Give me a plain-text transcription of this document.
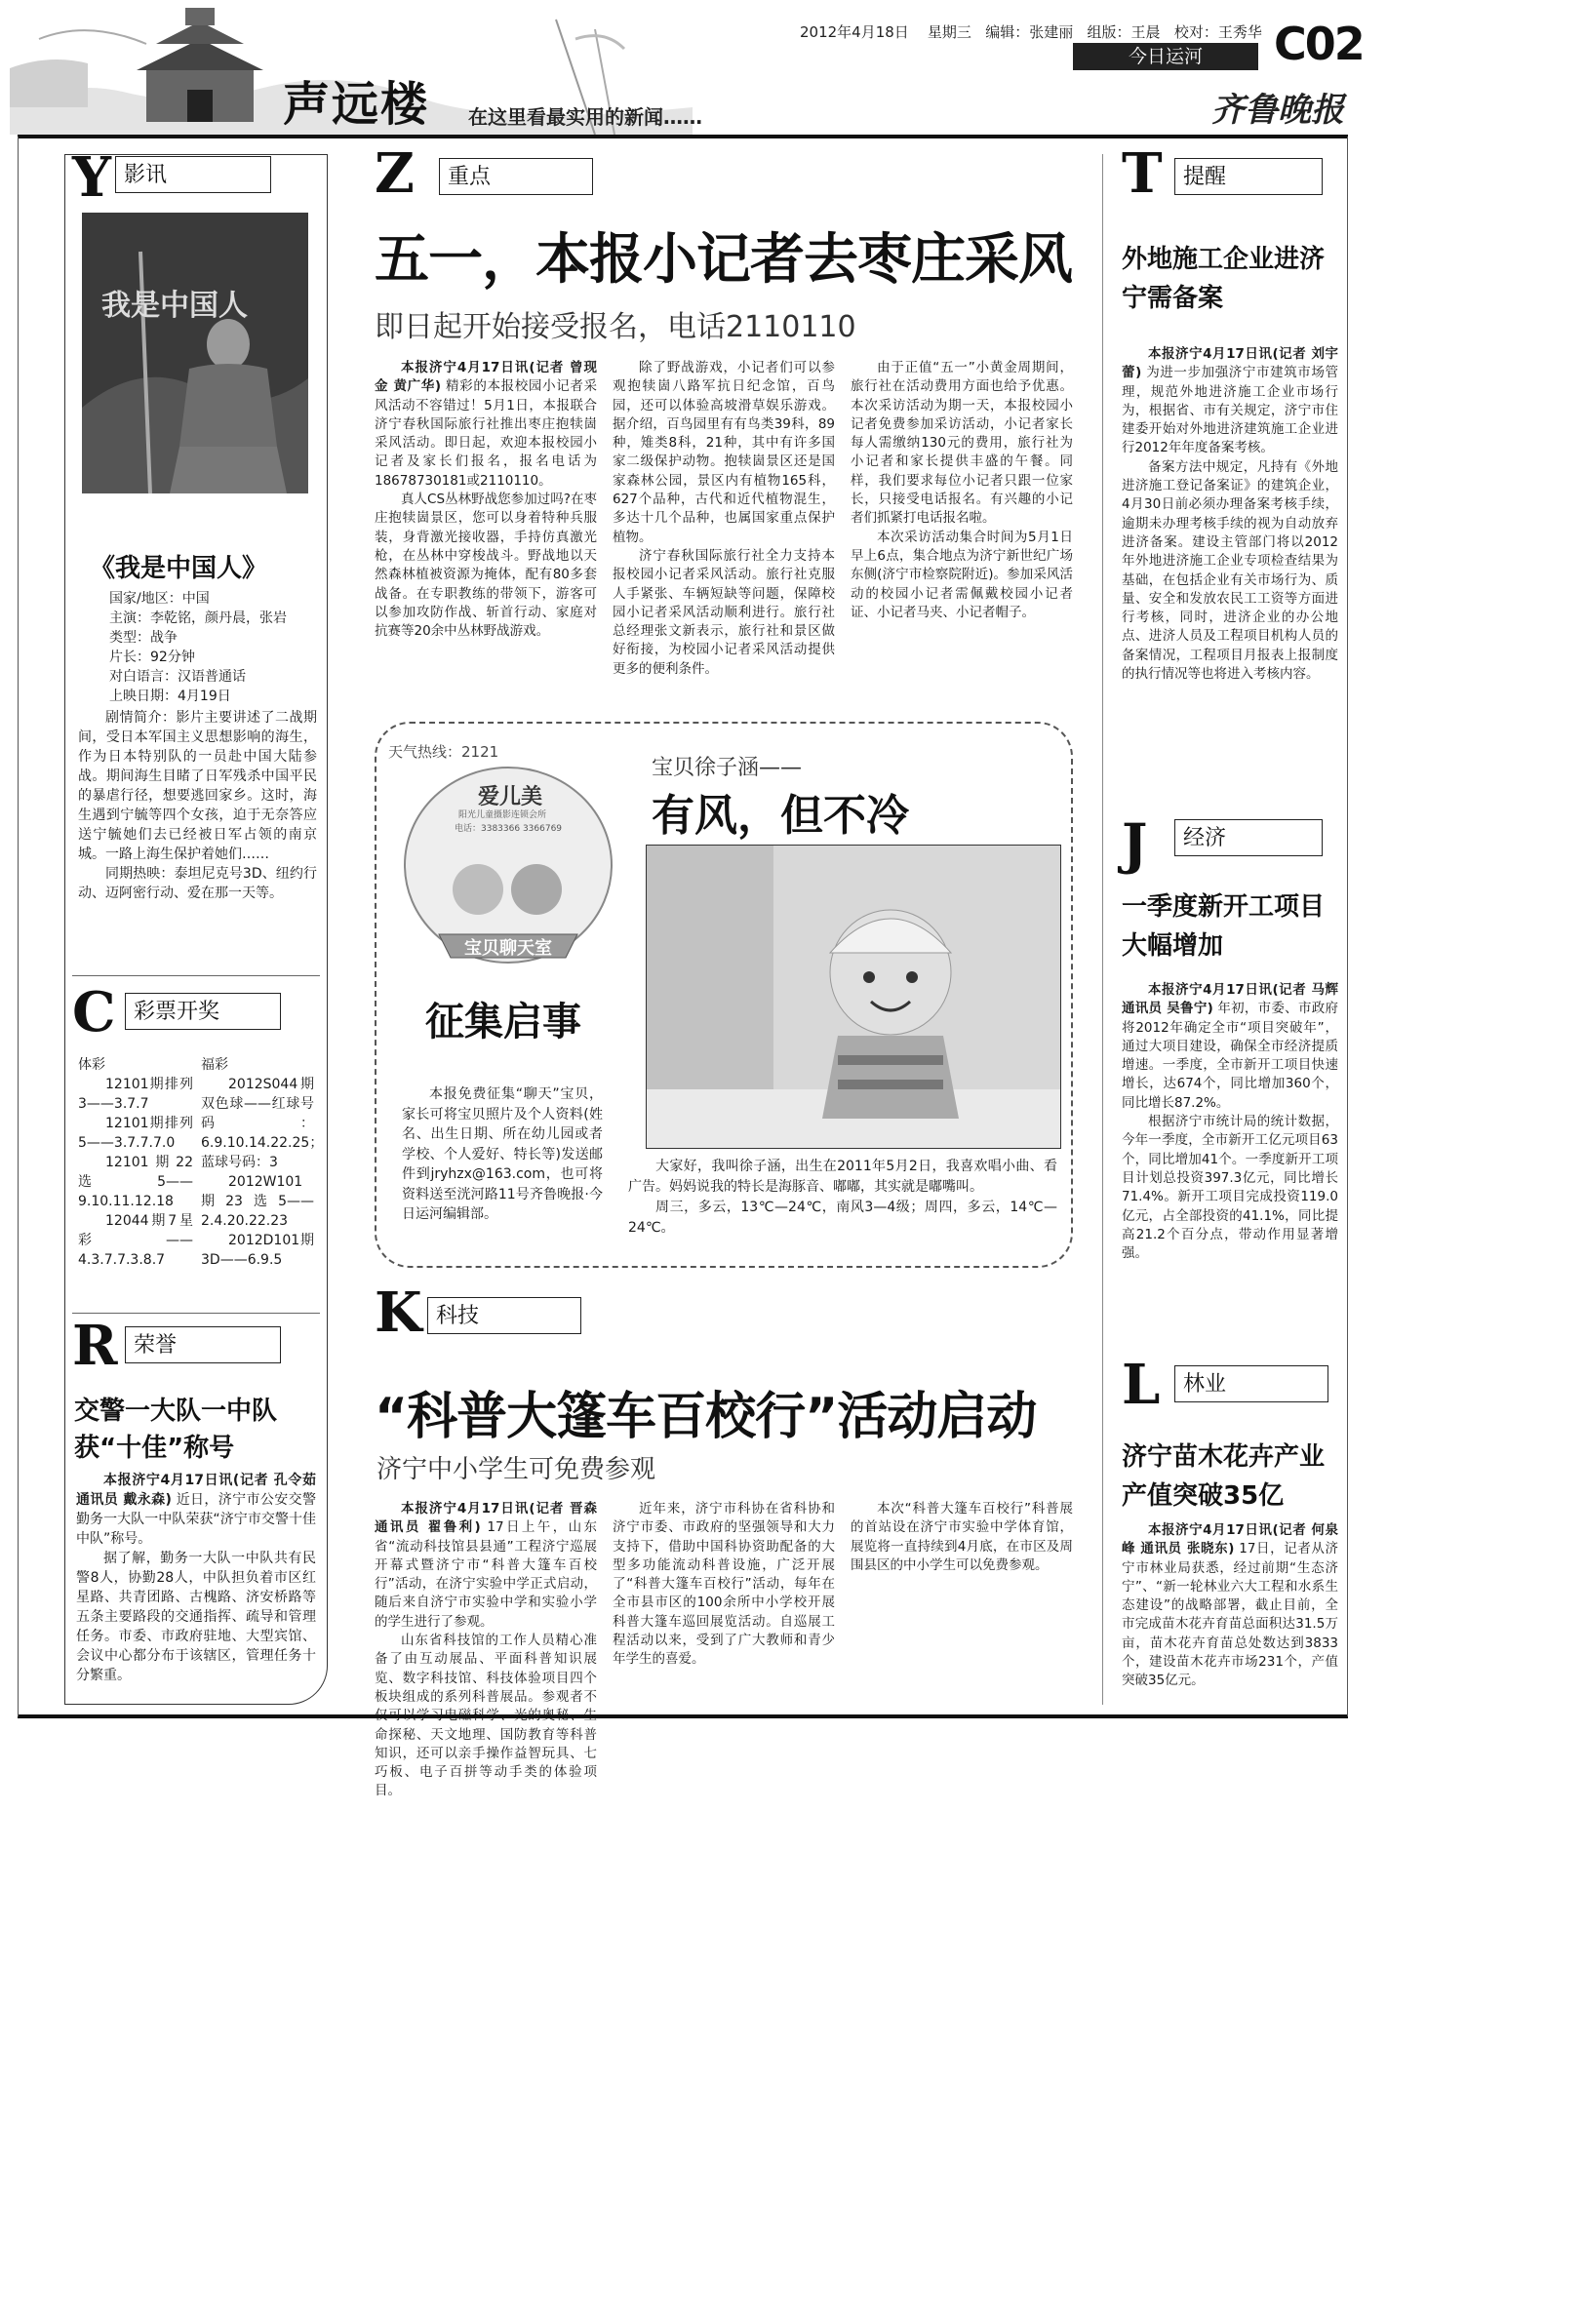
声远楼 在这里看最实用的新闻……
2012年4月18日 星期三 编辑：张建丽 组版：王晨 校对：王秀华 C02
今日运河
齐鲁晚报
Y 影讯
我是中国人
《我是中国人》
国家/地区：中国
主演：李乾铭，颜丹晨，张岩
类型：战争
片长：92分钟
对白语言：汉语普通话
上映日期：4月19日

剧情简介：影片主要讲述了二战期间，受日本军国主义思想影响的海生，作为日本特别队的一员赴中国大陆参战。期间海生目睹了日军残杀中国平民的暴虐行径，想要逃回家乡。这时，海生遇到宁毓等四个女孩，迫于无奈答应送宁毓她们去已经被日军占领的南京城。一路上海生保护着她们……

同期热映：泰坦尼克号3D、纽约行动、迈阿密行动、爱在那一天等。

C 彩票开奖
体彩

12101期排列3——3.7.7

12101期排列5——3.7.7.7.0

12101期22选5——9.10.11.12.18

12044期7星彩——4.3.7.7.3.8.7

福彩

2012S044期双色球——红球号码：6.9.10.14.22.25；蓝球号码：3

2012W101期23选5——2.4.20.22.23

2012D101期3D——6.9.5

R 荣誉
交警一大队一中队获“十佳”称号

本报济宁4月17日讯(记者 孔令茹 通讯员 戴永森) 近日，济宁市公安交警勤务一大队一中队荣获“济宁市交警十佳中队”称号。

据了解，勤务一大队一中队共有民警8人，协勤28人，中队担负着市区红星路、共青团路、古槐路、济安桥路等五条主要路段的交通指挥、疏导和管理任务。市委、市政府驻地、大型宾馆、会议中心都分布于该辖区，管理任务十分繁重。

Z	重点
五一，本报小记者去枣庄采风
即日起开始接受报名，电话2110110

本报济宁4月17日讯(记者 曾现金 黄广华) 精彩的本报校园小记者采风活动不容错过！5月1日，本报联合济宁春秋国际旅行社推出枣庄抱犊崮采风活动。即日起，欢迎本报校园小记者及家长们报名，报名电话为18678730181或2110110。

真人CS丛林野战您参加过吗?在枣庄抱犊崮景区，您可以身着特种兵服装，身背激光接收器，手持仿真激光枪，在丛林中穿梭战斗。野战地以天然森林植被资源为掩体，配有80多套战备。在专职教练的带领下，游客可以参加攻防作战、斩首行动、家庭对抗赛等20余中丛林野战游戏。

除了野战游戏，小记者们可以参观抱犊崮八路军抗日纪念馆，百鸟园，还可以体验高坡滑草娱乐游戏。据介绍，百鸟园里有有鸟类39科，89种，雉类8科，21种，其中有许多国家二级保护动物。抱犊崮景区还是国家森林公园，景区内有植物165科，627个品种，古代和近代植物混生，多达十几个品种，也属国家重点保护植物。

济宁春秋国际旅行社全力支持本报校园小记者采风活动。旅行社克服人手紧张、车辆短缺等问题，保障校园小记者采风活动顺利进行。旅行社总经理张文新表示，旅行社和景区做好衔接，为校园小记者采风活动提供更多的便利条件。

由于正值“五一”小黄金周期间，旅行社在活动费用方面也给予优惠。本次采访活动为期一天，本报校园小记者免费参加采访活动，小记者家长每人需缴纳130元的费用，旅行社为小记者和家长提供丰盛的午餐。同样，我们要求每位小记者只跟一位家长，只接受电话报名。有兴趣的小记者们抓紧打电话报名啦。

本次采访活动集合时间为5月1日早上6点，集合地点为济宁新世纪广场东侧(济宁市检察院附近)。参加采风活动的校园小记者需佩戴校园小记者证、小记者马夹、小记者帽子。

天气热线：2121
爱儿美
阳光儿童摄影连锁会所
电话：3383366 3366769
宝贝聊天室
征集启事

本报免费征集“聊天”宝贝，家长可将宝贝照片及个人资料(姓名、出生日期、所在幼儿园或者学校、个人爱好、特长等)发送邮件到jryhzx@163.com，也可将资料送至洸河路11号齐鲁晚报·今日运河编辑部。

宝贝徐子涵——
有风，但不冷

大家好，我叫徐子涵，出生在2011年5月2日，我喜欢唱小曲、看广告。妈妈说我的特长是海豚音、嘟嘟，其实就是嘟嘴叫。

周三，多云，13℃—24℃，南风3—4级；周四，多云，14℃—24℃。

K 科技
“科普大篷车百校行”活动启动
济宁中小学生可免费参观

本报济宁4月17日讯(记者 晋森 通讯员 翟鲁利) 17日上午，山东省“流动科技馆县县通”工程济宁巡展开幕式暨济宁市“科普大篷车百校行”活动，在济宁实验中学正式启动，随后来自济宁市实验中学和实验小学的学生进行了参观。

山东省科技馆的工作人员精心准备了由互动展品、平面科普知识展览、数字科技馆、科技体验项目四个板块组成的系列科普展品。参观者不 命探秘、天文地理、国防教育等科普知识，还可以亲手操作益智玩具、七巧板、电子百拼等动手类的体验项目。

近年来，济宁市科协在省科协和济宁市委、市政府的坚强领导和大力支持下，借助中国科协资助配备的大型多功能流动科普设施，广泛开展了“科普大篷车百校行”活动，每年在全市县市区的100余所中小学校开展科普大篷车巡回展览活动。自巡展工程活动以来，受到了广大教师和青少年学生的喜爱。

本次“科普大篷车百校行”科普展的首站设在济宁市实验中学体育馆，展览将一直持续到4月底，在市区及周围县区的中小学生可以免费参观。

T 提醒
外地施工企业进济宁需备案

本报济宁4月17日讯(记者 刘宇蕾) 为进一步加强济宁市建筑市场管理，规范外地进济施工企业市场行为，根据省、市有关规定，济宁市住建委开始对外地进济建筑施工企业进行2012年年度备案考核。

备案方法中规定，凡持有《外地进济施工登记备案证》的建筑企业，4月30日前必须办理备案考核手续，逾期未办理考核手续的视为自动放弃进济备案。建设主管部门将以2012年外地进济施工企业专项检查结果为基础，在包括企业有关市场行为、质量、安全和发放农民工工资等方面进行考核，同时，进济企业的办公地点、进济人员及工程项目机构人员的备案情况，工程项目月报表上报制度的执行情况等也将进入考核内容。

J	经济
一季度新开工项目大幅增加

本报济宁4月17日讯(记者 马辉 通讯员 吴鲁宁) 年初，市委、市政府将2012年确定全市“项目突破年”，通过大项目建设，确保全市经济提质增速。一季度，全市新开工项目快速增长，达674个，同比增加360个，同比增长87.2%。

根据济宁市统计局的统计数据，今年一季度，全市新开工亿元项目63个，同比增加41个。一季度新开工项目计划总投资397.3亿元，同比增长71.4%。新开工项目完成投资119.0亿元，占全部投资的41.1%，同比提高21.2个百分点，带动作用显著增强。

L	林业
济宁苗木花卉产业产值突破35亿

本报济宁4月17日讯(记者 何泉峰 通讯员 张晓东) 17日，记者从济宁市林业局获悉，经过前期“生态济宁”、“新一轮林业六大工程和水系生态建设”的战略部署，截止目前，全市完成苗木花卉育苗总面积达31.5万亩，苗木花卉育苗总处数达到3833个，建设苗木花卉市场231个，产值突破35亿元。
